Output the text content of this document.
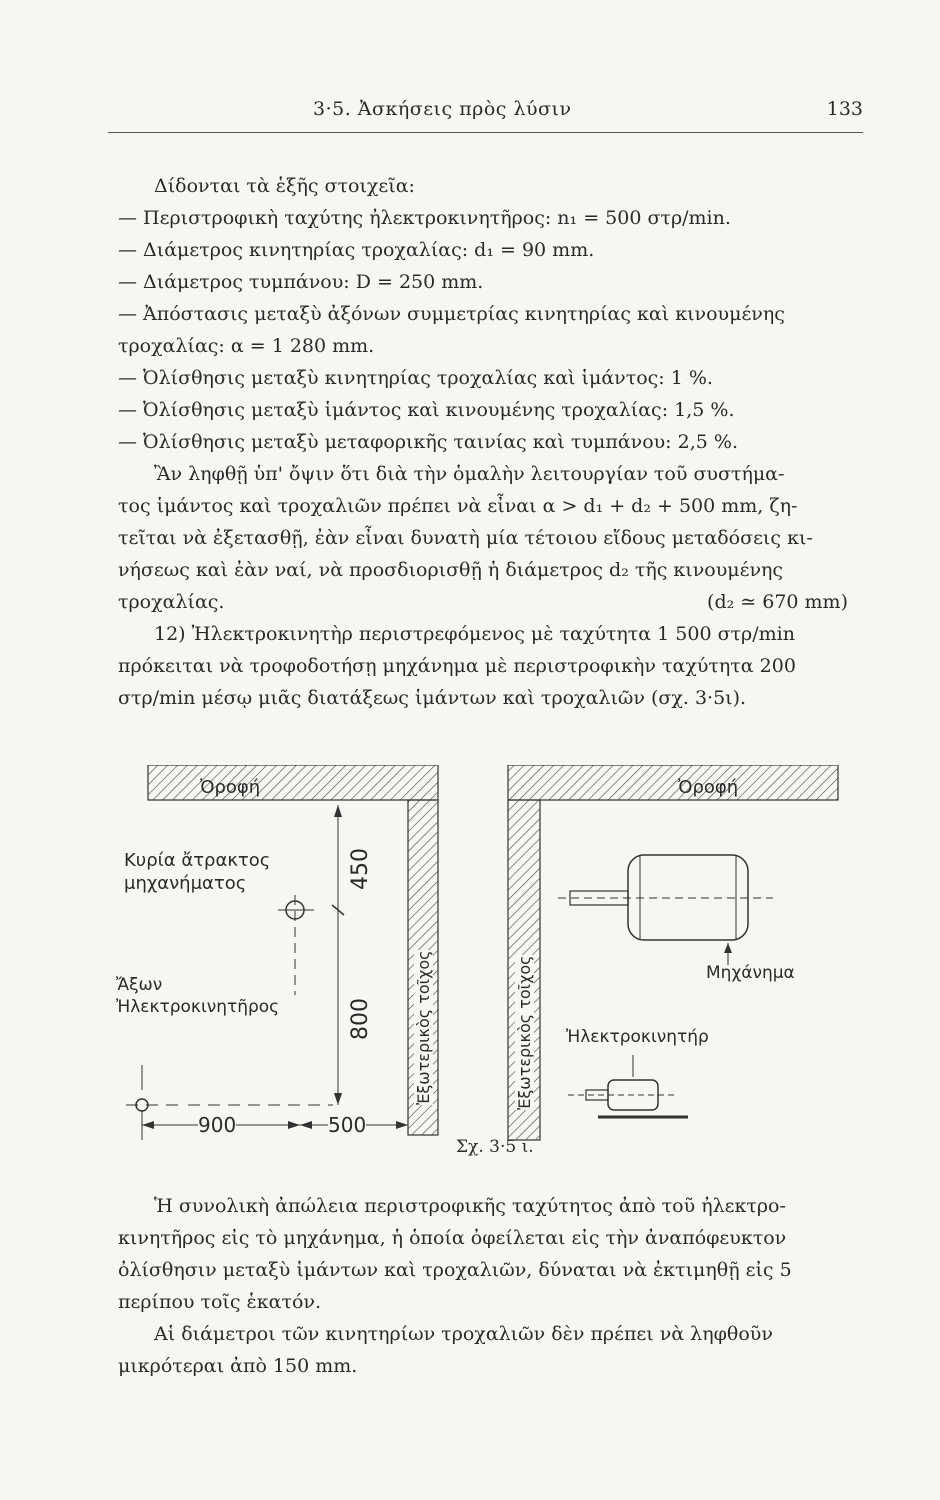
3·5. Ἀσκήσεις πρὸς λύσιν	133
Δίδονται τὰ ἑξῆς στοιχεῖα:
— Περιστροφικὴ ταχύτης ἠλεκτροκινητῆρος: n₁ = 500 στρ/min.
— Διάμετρος κινητηρίας τροχαλίας: d₁ = 90 mm.
— Διάμετρος τυμπάνου: D = 250 mm.
— Ἀπόστασις μεταξὺ ἀξόνων συμμετρίας κινητηρίας καὶ κινουμένης
τροχαλίας: α = 1 280 mm.
— Ὀλίσθησις μεταξὺ κινητηρίας τροχαλίας καὶ ἱμάντος: 1 %.
— Ὀλίσθησις μεταξὺ ἱμάντος καὶ κινουμένης τροχαλίας: 1,5 %.
— Ὀλίσθησις μεταξὺ μεταφορικῆς ταινίας καὶ τυμπάνου: 2,5 %.
Ἂν ληφθῇ ὑπ' ὄψιν ὅτι διὰ τὴν ὁμαλὴν λειτουργίαν τοῦ συστήμα-
τος ἱμάντος καὶ τροχαλιῶν πρέπει νὰ εἶναι α > d₁ + d₂ + 500 mm, ζη-
τεῖται νὰ ἐξετασθῇ, ἐὰν εἶναι δυνατὴ μία τέτοιου εἴδους μεταδόσεις κι-
νήσεως καὶ ἐὰν ναί, νὰ προσδιορισθῇ ἡ διάμετρος d₂ τῆς κινουμένης
τροχαλίας.	(d₂ ≃ 670 mm)
12) Ἠλεκτροκινητὴρ περιστρεφόμενος μὲ ταχύτητα 1 500 στρ/min
πρόκειται νὰ τροφοδοτήσῃ μηχάνημα μὲ περιστροφικὴν ταχύτητα 200
στρ/min μέσῳ μιᾶς διατάξεως ἱμάντων καὶ τροχαλιῶν (σχ. 3·5ι).
Ὀροφή	Ὀροφή
Κυρία ἄτρακτος
μηχανήματος
Ἄξων
Ἠλεκτροκινητῆρος
450
800
900	500
Ἐξωτερικὸς τοῖχος	Ἐξωτερικὸς τοῖχος	Μηχάνημα
Ἠλεκτροκινητήρ
Σχ. 3·5 ι.
Ἡ συνολικὴ ἀπώλεια περιστροφικῆς ταχύτητος ἀπὸ τοῦ ἠλεκτρο-
κινητῆρος εἰς τὸ μηχάνημα, ἡ ὁποία ὀφείλεται εἰς τὴν ἀναπόφευκτον
ὀλίσθησιν μεταξὺ ἱμάντων καὶ τροχαλιῶν, δύναται νὰ ἐκτιμηθῇ εἰς 5
περίπου τοῖς ἑκατόν.
Αἱ διάμετροι τῶν κινητηρίων τροχαλιῶν δὲν πρέπει νὰ ληφθοῦν
μικρότεραι ἀπὸ 150 mm.
